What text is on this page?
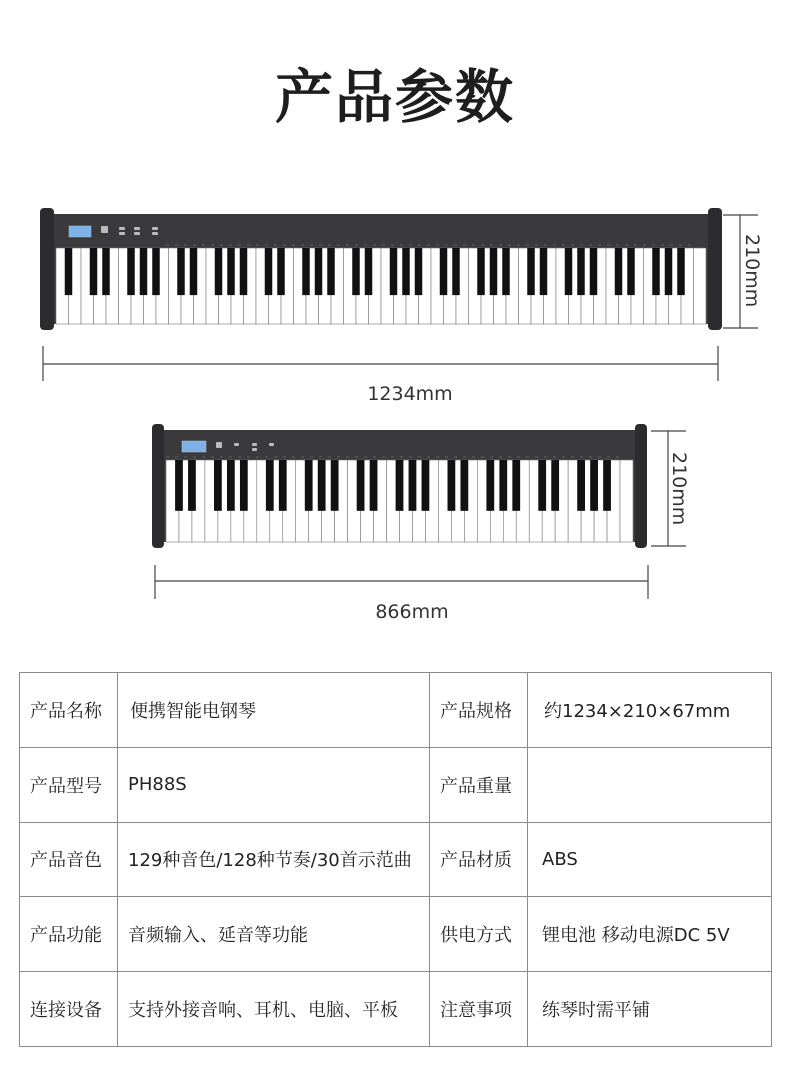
产品参数
1234mm
210mm
866mm
210mm
产品名称	便携智能电钢琴	产品规格	约1234×210×67mm
产品型号	PH88S	产品重量	
产品音色	129种音色/128种节奏/30首示范曲	产品材质	ABS
产品功能	音频输入、延音等功能	供电方式	锂电池 移动电源DC 5V
连接设备	支持外接音响、耳机、电脑、平板	注意事项	练琴时需平铺
